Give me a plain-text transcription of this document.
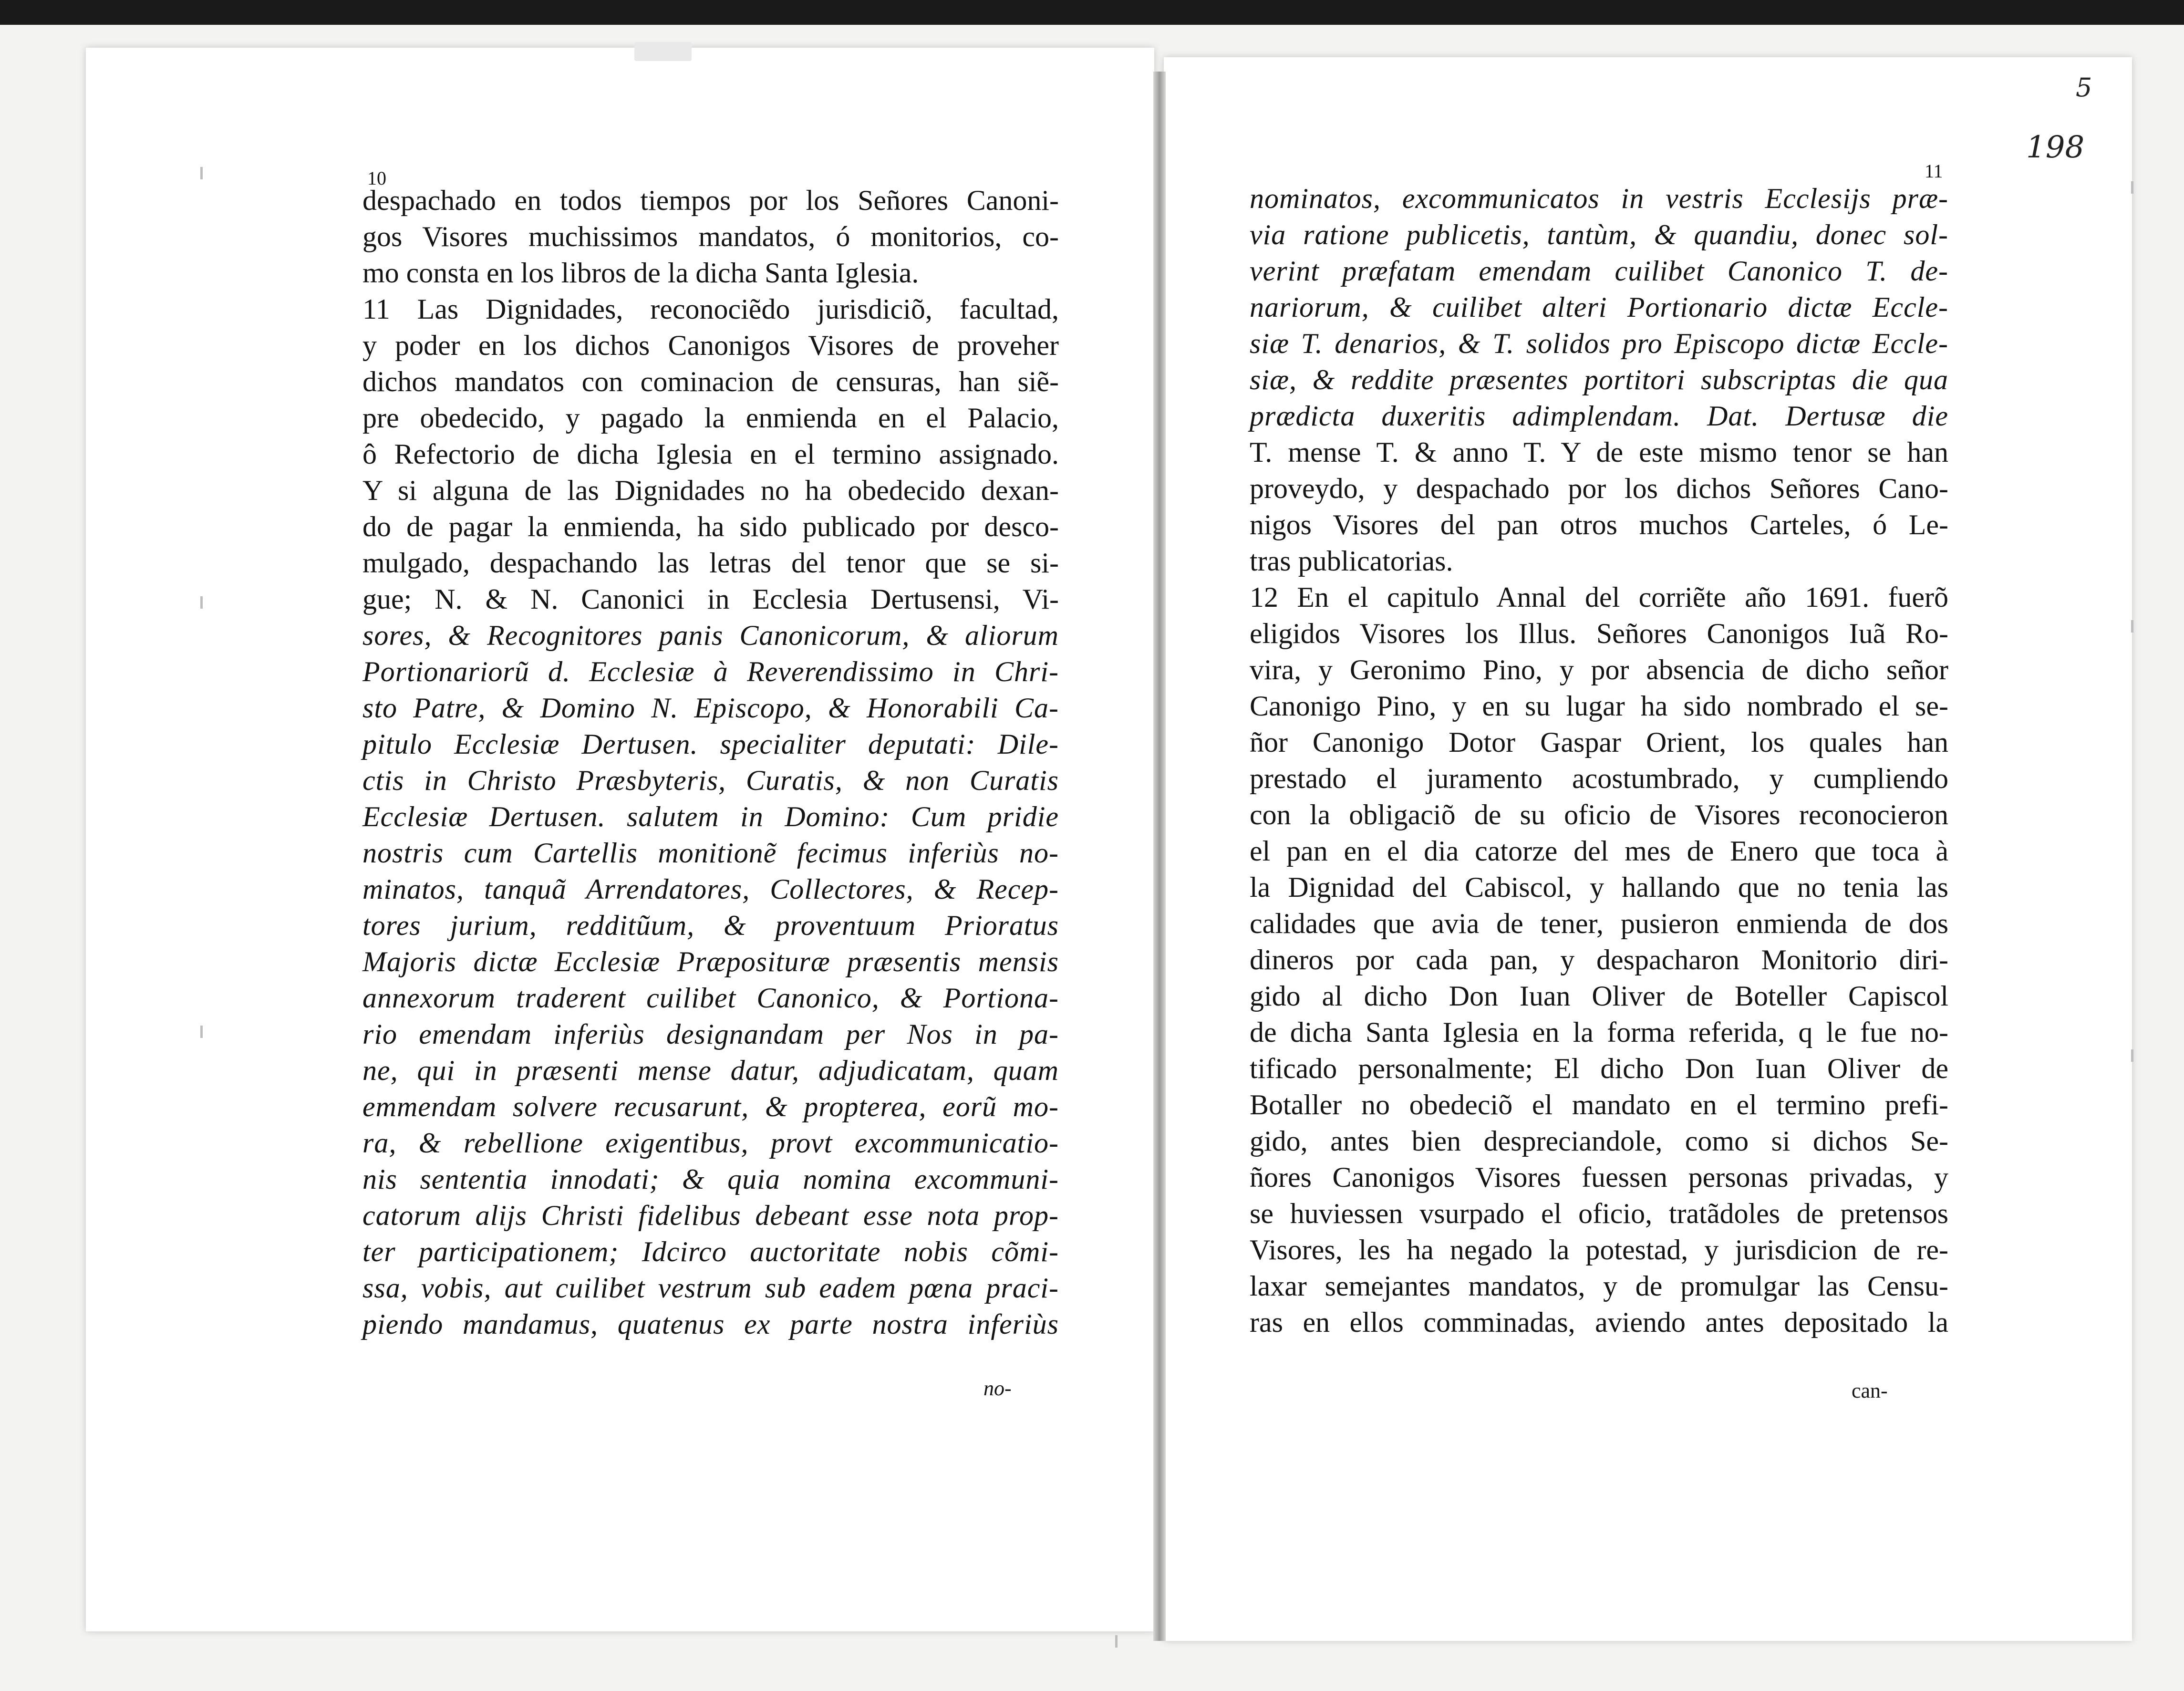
5
198
10	11
despachado en todos tiempos por los Señores Canoni-
gos Visores muchissimos mandatos, ó monitorios, co-
mo consta en los libros de la dicha Santa Iglesia.
11 Las Dignidades, reconociẽdo jurisdiciõ, facultad,
y poder en los dichos Canonigos Visores de proveher
dichos mandatos con cominacion de censuras, han siẽ-
pre obedecido, y pagado la enmienda en el Palacio,
ô Refectorio de dicha Iglesia en el termino assignado.
Y si alguna de las Dignidades no ha obedecido dexan-
do de pagar la enmienda, ha sido publicado por desco-
mulgado, despachando las letras del tenor que se si-
gue; N. & N. Canonici in Ecclesia Dertusensi, Vi-
sores, & Recognitores panis Canonicorum, & aliorum
Portionariorũ d. Ecclesiæ à Reverendissimo in Chri-
sto Patre, & Domino N. Episcopo, & Honorabili Ca-
pitulo Ecclesiæ Dertusen. specialiter deputati: Dile-
ctis in Christo Præsbyteris, Curatis, & non Curatis
Ecclesiæ Dertusen. salutem in Domino: Cum pridie
nostris cum Cartellis monitionẽ fecimus inferiùs no-
minatos, tanquã Arrendatores, Collectores, & Recep-
tores jurium, redditũum, & proventuum Prioratus
Majoris dictæ Ecclesiæ Præposituræ præsentis mensis
annexorum traderent cuilibet Canonico, & Portiona-
rio emendam inferiùs designandam per Nos in pa-
ne, qui in præsenti mense datur, adjudicatam, quam
emmendam solvere recusarunt, & propterea, eorũ mo-
ra, & rebellione exigentibus, provt excommunicatio-
nis sententia innodati; & quia nomina excommuni-
catorum alijs Christi fidelibus debeant esse nota prop-
ter participationem; Idcirco auctoritate nobis cõmi-
ssa, vobis, aut cuilibet vestrum sub eadem pœna praci-
piendo mandamus, quatenus ex parte nostra inferiùs
no-
nominatos, excommunicatos in vestris Ecclesijs præ-
via ratione publicetis, tantùm, & quandiu, donec sol-
verint præfatam emendam cuilibet Canonico T. de-
nariorum, & cuilibet alteri Portionario dictæ Eccle-
siæ T. denarios, & T. solidos pro Episcopo dictæ Eccle-
siæ, & reddite præsentes portitori subscriptas die qua
prædicta duxeritis adimplendam. Dat. Dertusæ die
T. mense T. & anno T. Y de este mismo tenor se han
proveydo, y despachado por los dichos Señores Cano-
nigos Visores del pan otros muchos Carteles, ó Le-
tras publicatorias.
12 En el capitulo Annal del corriẽte año 1691. fuerõ
eligidos Visores los Illus. Señores Canonigos Iuã Ro-
vira, y Geronimo Pino, y por absencia de dicho señor
Canonigo Pino, y en su lugar ha sido nombrado el se-
ñor Canonigo Dotor Gaspar Orient, los quales han
prestado el juramento acostumbrado, y cumpliendo
con la obligaciõ de su oficio de Visores reconocieron
el pan en el dia catorze del mes de Enero que toca à
la Dignidad del Cabiscol, y hallando que no tenia las
calidades que avia de tener, pusieron enmienda de dos
dineros por cada pan, y despacharon Monitorio diri-
gido al dicho Don Iuan Oliver de Boteller Capiscol
de dicha Santa Iglesia en la forma referida, q le fue no-
tificado personalmente; El dicho Don Iuan Oliver de
Botaller no obedeciõ el mandato en el termino prefi-
gido, antes bien despreciandole, como si dichos Se-
ñores Canonigos Visores fuessen personas privadas, y
se huviessen vsurpado el oficio, tratãdoles de pretensos
Visores, les ha negado la potestad, y jurisdicion de re-
laxar semejantes mandatos, y de promulgar las Censu-
ras en ellos comminadas, aviendo antes depositado la
can-
